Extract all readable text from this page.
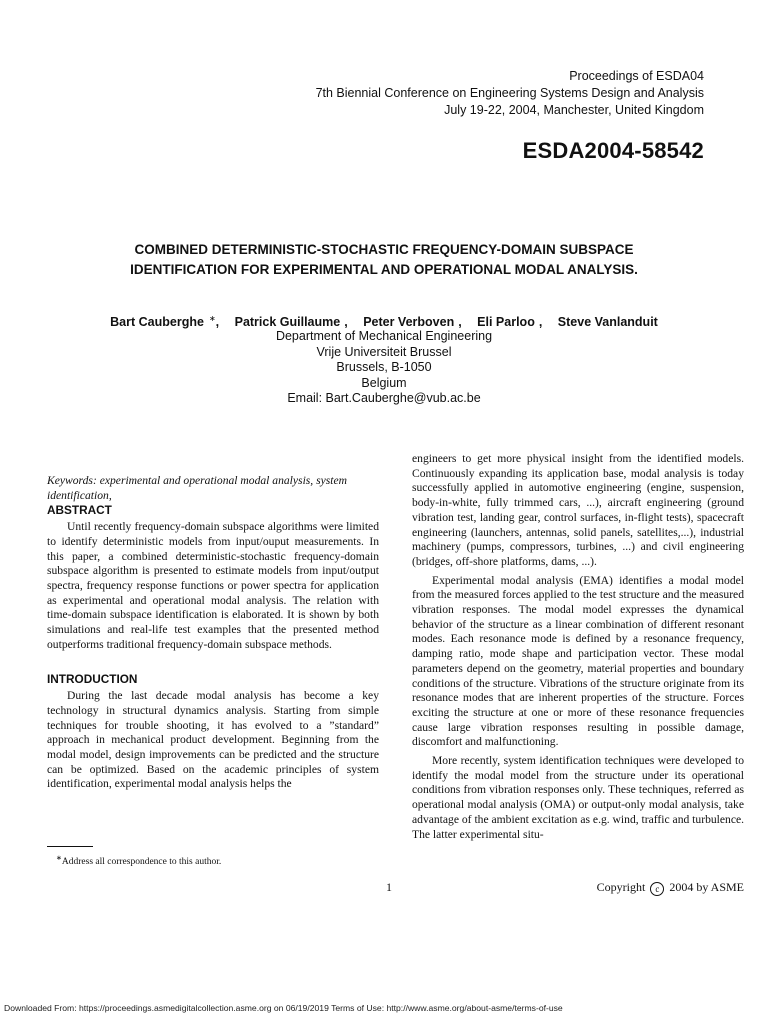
Proceedings of ESDA04
7th Biennial Conference on Engineering Systems Design and Analysis
July 19-22, 2004, Manchester, United Kingdom
ESDA2004-58542
COMBINED DETERMINISTIC-STOCHASTIC FREQUENCY-DOMAIN SUBSPACE
IDENTIFICATION FOR EXPERIMENTAL AND OPERATIONAL MODAL ANALYSIS.
Bart Cauberghe ∗, Patrick Guillaume , Peter Verboven , Eli Parloo , Steve Vanlanduit
Department of Mechanical Engineering
Vrije Universiteit Brussel
Brussels, B-1050
Belgium
Email: Bart.Cauberghe@vub.ac.be

Keywords: experimental and operational modal analysis, system identification,

ABSTRACT

Until recently frequency-domain subspace algorithms were limited to identify deterministic models from input/ouput measurements. In this paper, a combined deterministic-stochastic frequency-domain subspace algorithm is presented to estimate models from input/output spectra, frequency response functions or power spectra for application as experimental and operational modal analysis. The relation with time-domain subspace identification is elaborated. It is shown by both simulations and real-life test examples that the presented method outperforms traditional frequency-domain subspace methods.

INTRODUCTION

During the last decade modal analysis has become a key technology in structural dynamics analysis. Starting from simple techniques for trouble shooting, it has evolved to a ”standard” approach in mechanical product development. Beginning from the modal model, design improvements can be predicted and the structure can be optimized. Based on the academic principles of system identification, experimental modal analysis helps the

∗Address all correspondence to this author.

engineers to get more physical insight from the identified models. Continuously expanding its application base, modal analysis is today successfully applied in automotive engineering (engine, suspension, body-in-white, fully trimmed cars, ...), aircraft engineering (ground vibration test, landing gear, control surfaces, in-flight tests), spacecraft engineering (launchers, antennas, solid panels, satellites,...), industrial machinery (pumps, compressors, turbines, ...) and civil engineering (bridges, off-shore platforms, dams, ...).

Experimental modal analysis (EMA) identifies a modal model from the measured forces applied to the test structure and the measured vibration responses. The modal model expresses the dynamical behavior of the structure as a linear combination of different resonant modes. Each resonance mode is defined by a resonance frequency, damping ratio, mode shape and participation vector. These modal parameters depend on the geometry, material properties and boundary conditions of the structure. Vibrations of the structure originate from its resonance modes that are inherent properties of the structure. Forces exciting the structure at one or more of these resonance frequencies cause large vibration responses resulting in possible damage, discomfort and malfunctioning.

More recently, system identification techniques were developed to identify the modal model from the structure under its operational conditions from vibration responses only. These techniques, referred as operational modal analysis (OMA) or output-only modal analysis, take advantage of the ambient excitation as e.g. wind, traffic and turbulence. The latter experimental situ-

1	Copyright c 2004 by ASME
Downloaded From: https://proceedings.asmedigitalcollection.asme.org on 06/19/2019 Terms of Use: http://www.asme.org/about-asme/terms-of-use
